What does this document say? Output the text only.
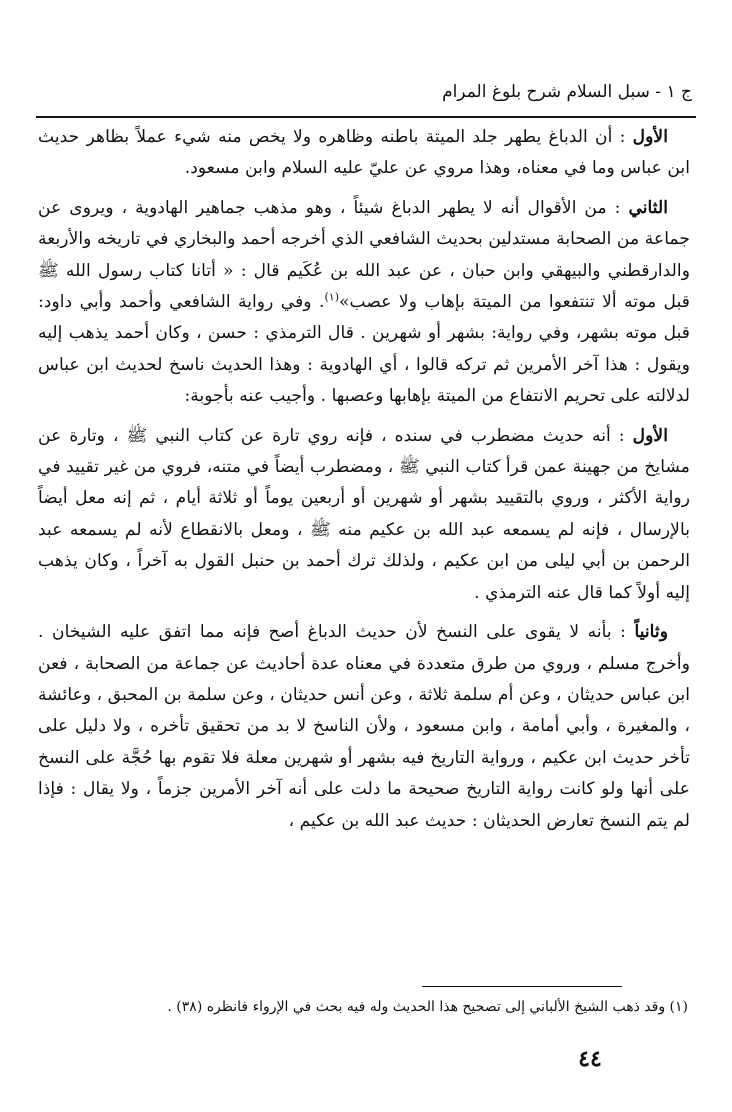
ج ١ - سبل السلام شرح بلوغ المرام

الأول : أن الدباغ يطهر جلد الميتة باطنه وظاهره ولا يخص منه شيء عملاً بظاهر حديث ابن عباس وما في معناه، وهذا مروي عن عليّ عليه السلام وابن مسعود.

الثاني : من الأقوال أنه لا يطهر الدباغ شيئاً ، وهو مذهب جماهير الهادوية ، ويروى عن جماعة من الصحابة مستدلين بحديث الشافعي الذي أخرجه أحمد والبخاري في تاريخه والأربعة والدارقطني والبيهقي وابن حبان ، عن عبد الله بن عُكَيم قال : « أتانا كتاب رسول الله ﷺ قبل موته ألا تنتفعوا من الميتة بإهاب ولا عصب»$^{(١)}$. وفي رواية الشافعي وأحمد وأبي داود: قبل موته بشهر، وفي رواية: بشهر أو شهرين . قال الترمذي : حسن ، وكان أحمد يذهب إليه ويقول : هذا آخر الأمرين ثم تركه قالوا ، أي الهادوية : وهذا الحديث ناسخ لحديث ابن عباس لدلالته على تحريم الانتفاع من الميتة بإهابها وعصبها . وأجيب عنه بأجوبة:

الأول : أنه حديث مضطرب في سنده ، فإنه روي تارة عن كتاب النبي ﷺ ، وتارة عن مشايخ من جهينة عمن قرأ كتاب النبي ﷺ ، ومضطرب أيضاً في متنه، فروي من غير تقييد في رواية الأكثر ، وروي بالتقييد بشهر أو شهرين أو أربعين يوماً أو ثلاثة أيام ، ثم إنه معل أيضاً بالإرسال ، فإنه لم يسمعه عبد الله بن عكيم منه ﷺ ، ومعل بالانقطاع لأنه لم يسمعه عبد الرحمن بن أبي ليلى من ابن عكيم ، ولذلك ترك أحمد بن حنبل القول به آخراً ، وكان يذهب إليه أولاً كما قال عنه الترمذي .

وثانياً : بأنه لا يقوى على النسخ لأن حديث الدباغ أصح فإنه مما اتفق عليه الشيخان . وأخرج مسلم ، وروي من طرق متعددة في معناه عدة أحاديث عن جماعة من الصحابة ، فعن ابن عباس حديثان ، وعن أم سلمة ثلاثة ، وعن أنس حديثان ، وعن سلمة بن المحبق ، وعائشة ، والمغيرة ، وأبي أمامة ، وابن مسعود ، ولأن الناسخ لا بد من تحقيق تأخره ، ولا دليل على تأخر حديث ابن عكيم ، ورواية التاريخ فيه بشهر أو شهرين معلة فلا تقوم بها حُجَّة على النسخ على أنها ولو كانت رواية التاريخ صحيحة ما دلت على أنه آخر الأمرين جزماً ، ولا يقال : فإذا لم يتم النسخ تعارض الحديثان : حديث عبد الله بن عكيم ،

(١) وقد ذهب الشيخ الألباني إلى تصحيح هذا الحديث وله فيه بحث في الإرواء فانظره (٣٨) .
٤٤
